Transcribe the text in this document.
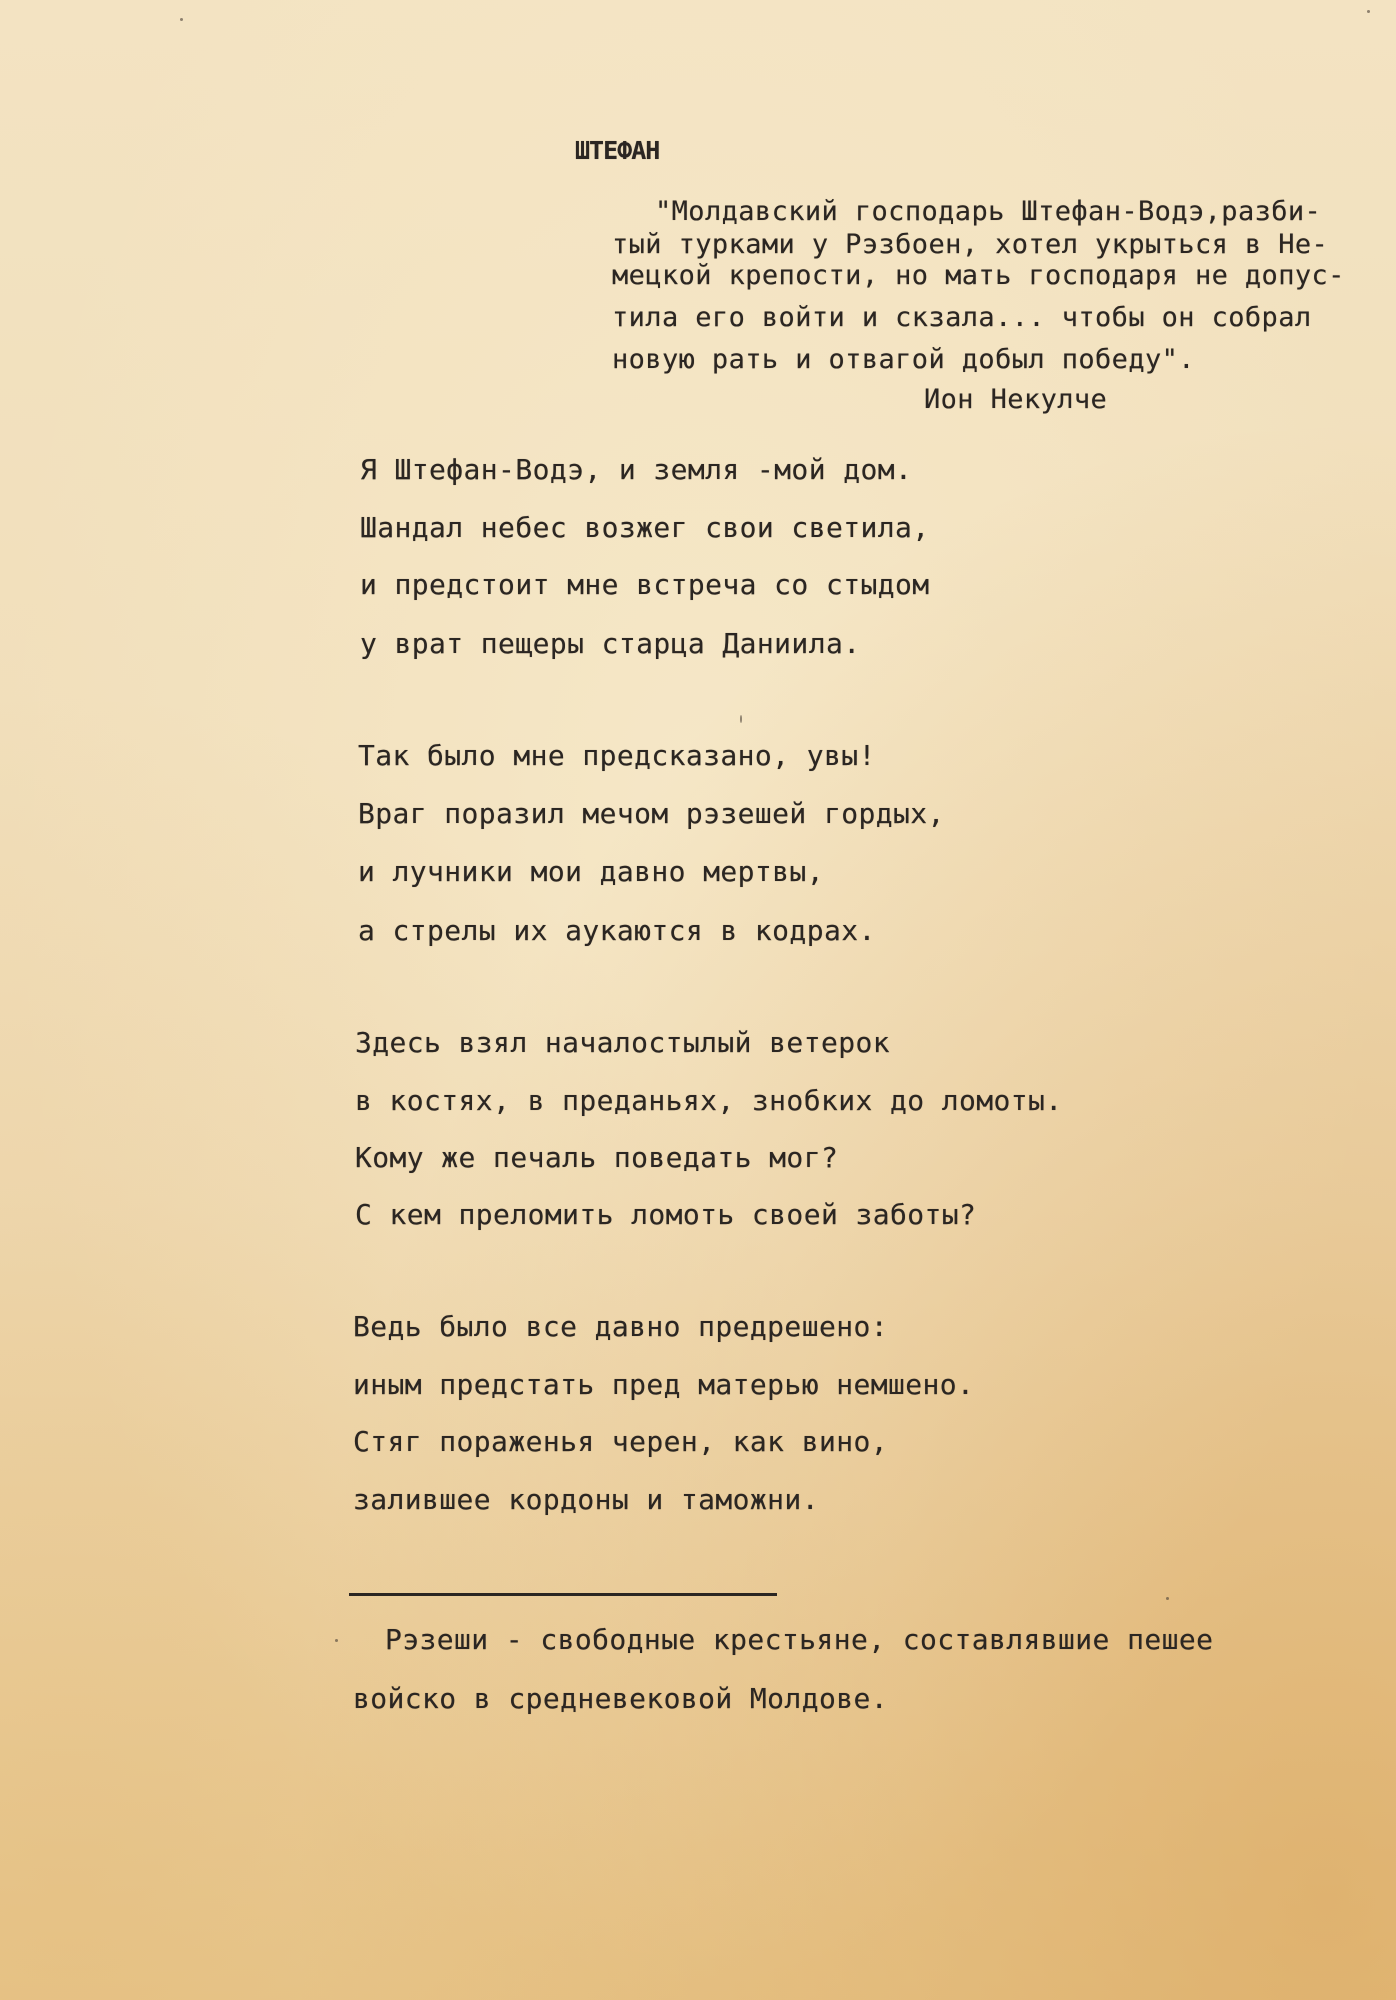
ШТЕФАН
"Молдавский господарь Штефан-Водэ,разби-
тый турками у Рэзбоен, хотел укрыться в Не-
мецкой крепости, но мать господаря не допус-
тила его войти и скзала... чтобы он собрал
новую рать и отвагой добыл победу".
Ион Некулче
Я Штефан-Водэ, и земля -мой дом.
Шандал небес возжег свои светила,
и предстоит мне встреча со стыдом
у врат пещеры старца Даниила.
Так было мне предсказано, увы!
Враг поразил мечом рэзешей гордых,
и лучники мои давно мертвы,
а стрелы их аукаются в кодрах.
Здесь взял началостылый ветерок
в костях, в преданьях, знобких до ломоты.
Кому же печаль поведать мог?
С кем преломить ломоть своей заботы?
Ведь было все давно предрешено:
иным предстать пред матерью немшено.
Стяг пораженья черен, как вино,
залившее кордоны и таможни.
Рэзеши - свободные крестьяне, составлявшие пешее
войско в средневековой Молдове.
